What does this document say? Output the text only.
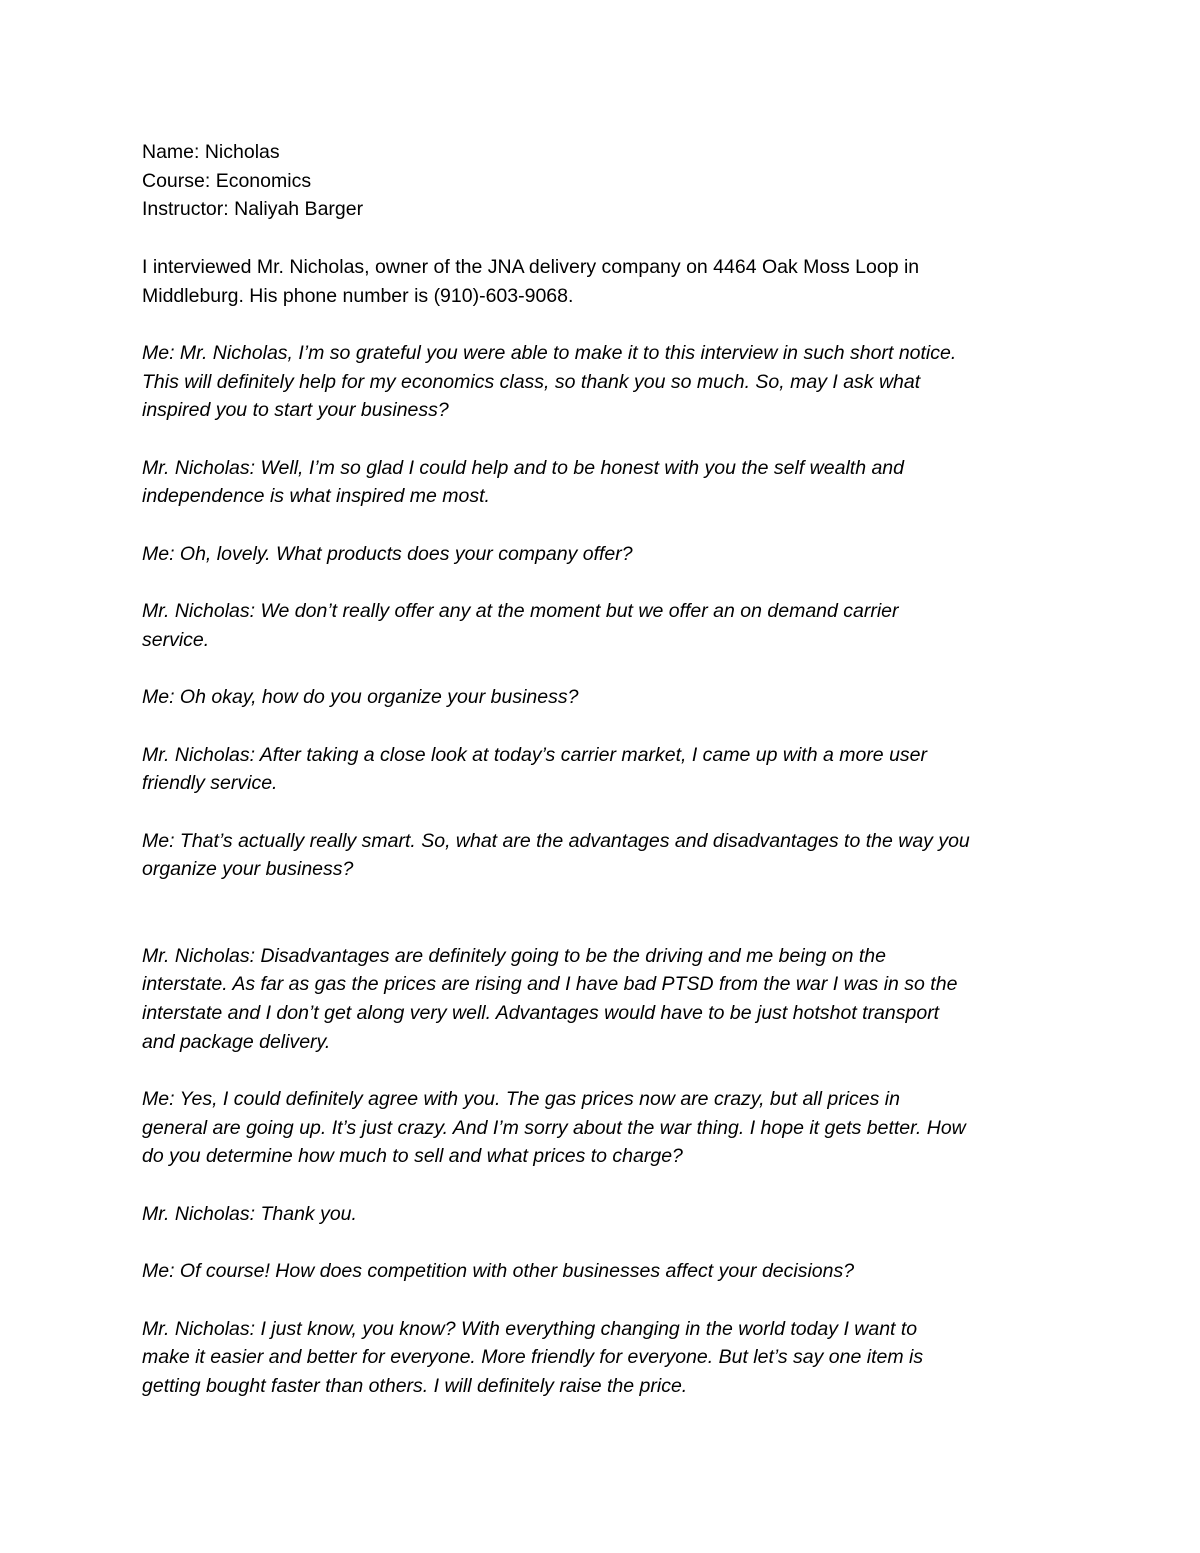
Name: Nicholas
Course: Economics
Instructor: Naliyah Barger
I interviewed Mr. Nicholas, owner of the JNA delivery company on 4464 Oak Moss Loop in
Middleburg. His phone number is (910)-603-9068.
Me: Mr. Nicholas, I’m so grateful you were able to make it to this interview in such short notice.
This will definitely help for my economics class, so thank you so much. So, may I ask what
inspired you to start your business?
Mr. Nicholas: Well, I’m so glad I could help and to be honest with you the self wealth and
independence is what inspired me most.
Me: Oh, lovely. What products does your company offer?
Mr. Nicholas: We don’t really offer any at the moment but we offer an on demand carrier
service.
Me: Oh okay, how do you organize your business?
Mr. Nicholas: After taking a close look at today’s carrier market, I came up with a more user
friendly service.
Me: That’s actually really smart. So, what are the advantages and disadvantages to the way you
organize your business?
Mr. Nicholas: Disadvantages are definitely going to be the driving and me being on the
interstate. As far as gas the prices are rising and I have bad PTSD from the war I was in so the
interstate and I don’t get along very well. Advantages would have to be just hotshot transport
and package delivery.
Me: Yes, I could definitely agree with you. The gas prices now are crazy, but all prices in
general are going up. It’s just crazy. And I’m sorry about the war thing. I hope it gets better. How
do you determine how much to sell and what prices to charge?
Mr. Nicholas: Thank you.
Me: Of course! How does competition with other businesses affect your decisions?
Mr. Nicholas: I just know, you know? With everything changing in the world today I want to
make it easier and better for everyone. More friendly for everyone. But let’s say one item is
getting bought faster than others. I will definitely raise the price.
